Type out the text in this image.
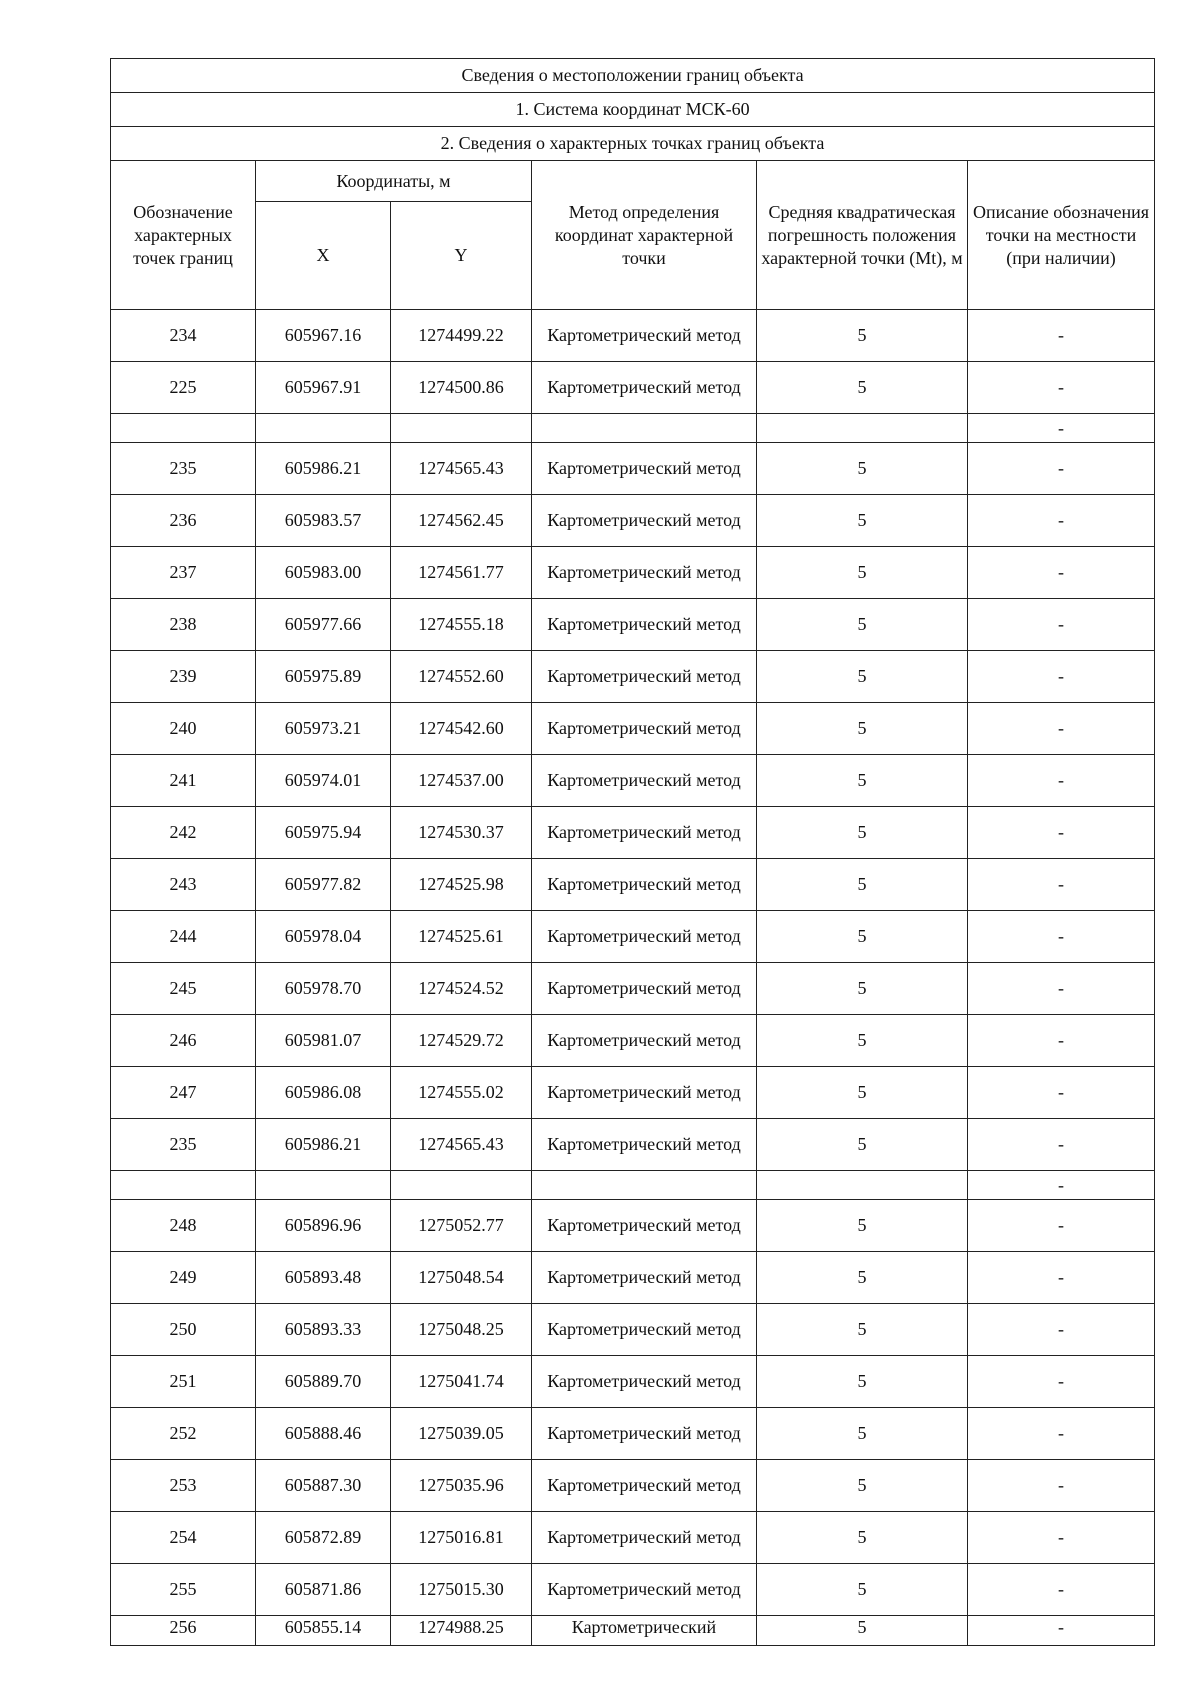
Сведения о местоположении границ объекта					
1. Система координат МСК-60					
2. Сведения о характерных точках границ объекта					
Обозначение характерных точек границ	Координаты, м		Метод определения координат характерной точки	Средняя квадратическая погрешность положения характерной точки (Mt), м	Описание обозначения точки на местности (при наличии)
	X	Y			
234	605967.16	1274499.22	Картометрический метод	5	-
225	605967.91	1274500.86	Картометрический метод	5	-
					-
235	605986.21	1274565.43	Картометрический метод	5	-
236	605983.57	1274562.45	Картометрический метод	5	-
237	605983.00	1274561.77	Картометрический метод	5	-
238	605977.66	1274555.18	Картометрический метод	5	-
239	605975.89	1274552.60	Картометрический метод	5	-
240	605973.21	1274542.60	Картометрический метод	5	-
241	605974.01	1274537.00	Картометрический метод	5	-
242	605975.94	1274530.37	Картометрический метод	5	-
243	605977.82	1274525.98	Картометрический метод	5	-
244	605978.04	1274525.61	Картометрический метод	5	-
245	605978.70	1274524.52	Картометрический метод	5	-
246	605981.07	1274529.72	Картометрический метод	5	-
247	605986.08	1274555.02	Картометрический метод	5	-
235	605986.21	1274565.43	Картометрический метод	5	-
					-
248	605896.96	1275052.77	Картометрический метод	5	-
249	605893.48	1275048.54	Картометрический метод	5	-
250	605893.33	1275048.25	Картометрический метод	5	-
251	605889.70	1275041.74	Картометрический метод	5	-
252	605888.46	1275039.05	Картометрический метод	5	-
253	605887.30	1275035.96	Картометрический метод	5	-
254	605872.89	1275016.81	Картометрический метод	5	-
255	605871.86	1275015.30	Картометрический метод	5	-
256	605855.14	1274988.25	Картометрический	5	-
